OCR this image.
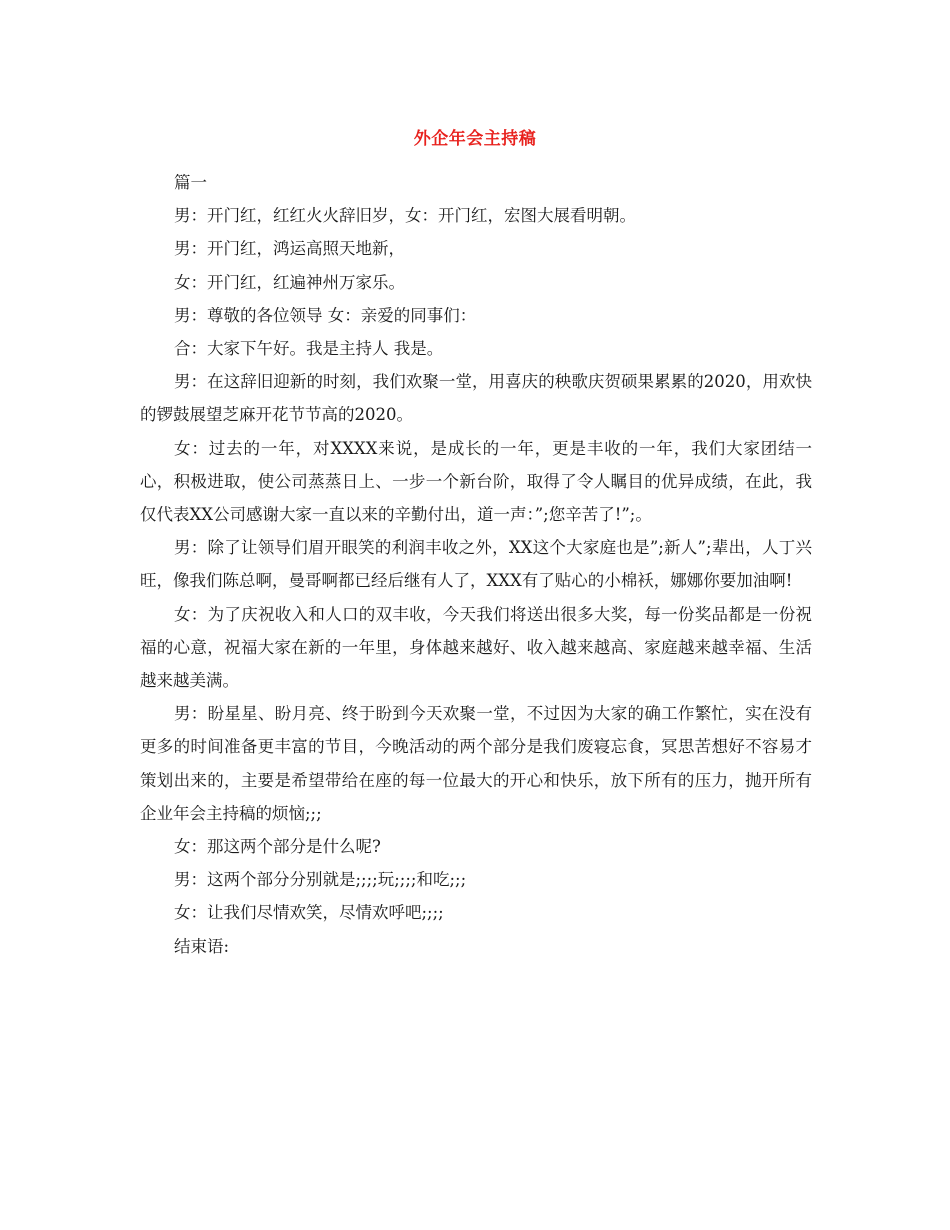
外企年会主持稿

篇一

男：开门红，红红火火辞旧岁，女：开门红，宏图大展看明朝。

男：开门红，鸿运高照天地新，

女：开门红，红遍神州万家乐。

男：尊敬的各位领导 女：亲爱的同事们：

合：大家下午好。我是主持人 我是。

男：在这辞旧迎新的时刻，我们欢聚一堂，用喜庆的秧歌庆贺硕果累累的2020，用欢快的锣鼓展望芝麻开花节节高的2020。

女：过去的一年，对XXXX来说，是成长的一年，更是丰收的一年，我们大家团结一心，积极进取，使公司蒸蒸日上、一步一个新台阶，取得了令人瞩目的优异成绩，在此，我仅代表XX公司感谢大家一直以来的辛勤付出，道一声：”;您辛苦了!”;。

男：除了让领导们眉开眼笑的利润丰收之外，XX这个大家庭也是”;新人”;辈出，人丁兴旺，像我们陈总啊，曼哥啊都已经后继有人了，XXX有了贴心的小棉袄，娜娜你要加油啊!

女：为了庆祝收入和人口的双丰收，今天我们将送出很多大奖，每一份奖品都是一份祝福的心意，祝福大家在新的一年里，身体越来越好、收入越来越高、家庭越来越幸福、生活越来越美满。

男：盼星星、盼月亮、终于盼到今天欢聚一堂，不过因为大家的确工作繁忙，实在没有更多的时间准备更丰富的节目，今晚活动的两个部分是我们废寝忘食，冥思苦想好不容易才策划出来的，主要是希望带给在座的每一位最大的开心和快乐，放下所有的压力，抛开所有企业年会主持稿的烦恼;;;

女：那这两个部分是什么呢?

男：这两个部分分别就是;;;;玩;;;;和吃;;;

女：让我们尽情欢笑，尽情欢呼吧;;;;

结束语:
